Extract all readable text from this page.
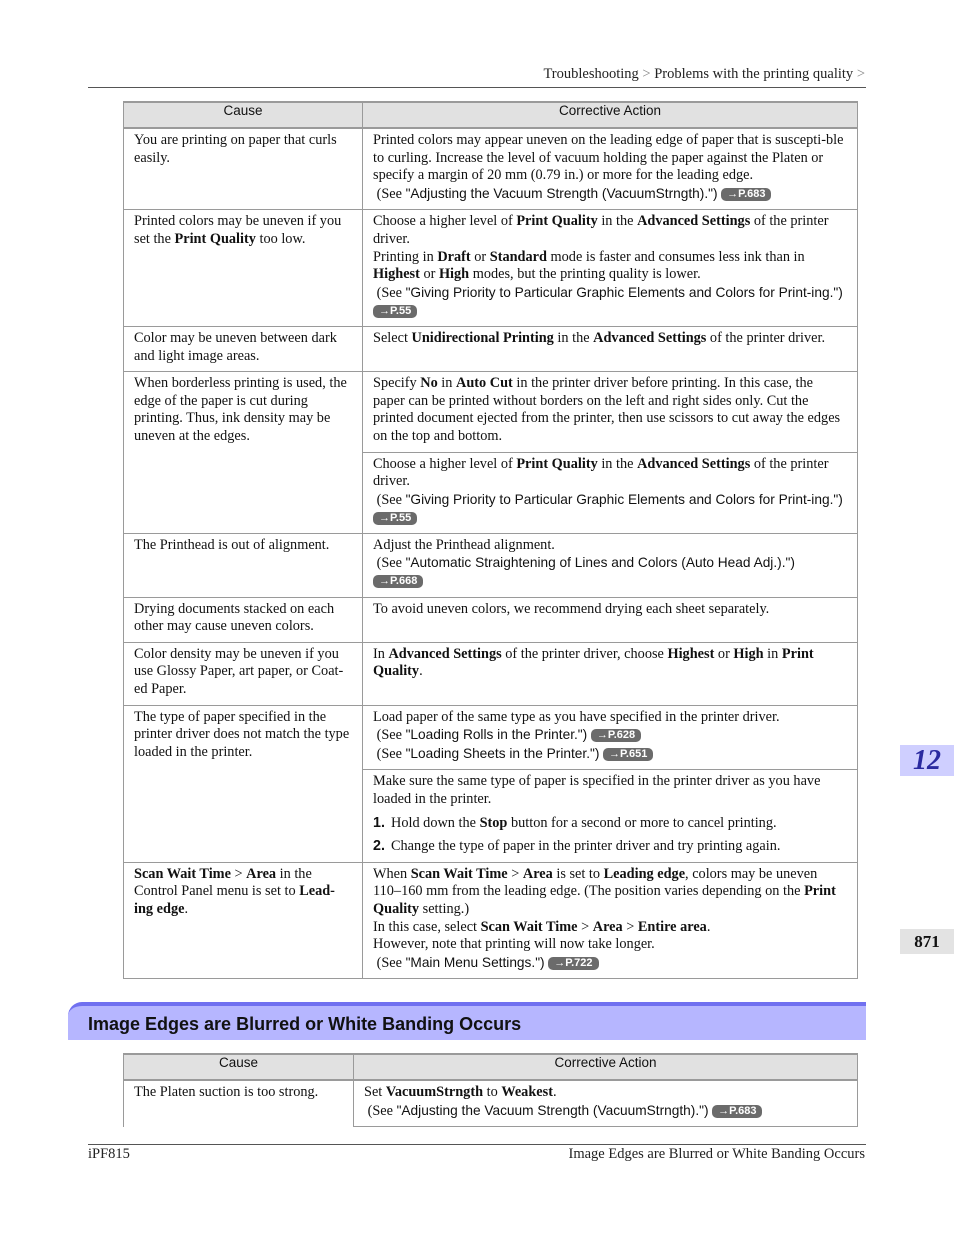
Troubleshooting > Problems with the printing quality >
Cause	Corrective Action
You are printing on paper that curls easily.	Printed colors may appear uneven on the leading edge of paper that is suscepti-ble to curling. Increase the level of vacuum holding the paper against the Platen or specify a margin of 20 mm (0.79 in.) or more for the leading edge.
(See "Adjusting the Vacuum Strength (VacuumStrngth).") →P.683
Printed colors may be uneven if you set the Print Quality too low.	Choose a higher level of Print Quality in the Advanced Settings of the printer driver.
Printing in Draft or Standard mode is faster and consumes less ink than in Highest or High modes, but the printing quality is lower.
(See "Giving Priority to Particular Graphic Elements and Colors for Print-ing.") →P.55
Color may be uneven between dark and light image areas.	Select Unidirectional Printing in the Advanced Settings of the printer driver.
When borderless printing is used, the edge of the paper is cut during printing. Thus, ink density may be uneven at the edges.	Specify No in Auto Cut in the printer driver before printing. In this case, the paper can be printed without borders on the left and right sides only. Cut the printed document ejected from the printer, then use scissors to cut away the edges on the top and bottom.
	Choose a higher level of Print Quality in the Advanced Settings of the printer driver.
(See "Giving Priority to Particular Graphic Elements and Colors for Print-ing.") →P.55
The Printhead is out of alignment.	Adjust the Printhead alignment.
(See "Automatic Straightening of Lines and Colors (Auto Head Adj.).")
→P.668
Drying documents stacked on each other may cause uneven colors.	To avoid uneven colors, we recommend drying each sheet separately.
Color density may be uneven if you use Glossy Paper, art paper, or Coat-ed Paper.	In Advanced Settings of the printer driver, choose Highest or High in Print Quality.
The type of paper specified in the printer driver does not match the type loaded in the printer.	Load paper of the same type as you have specified in the printer driver.
(See "Loading Rolls in the Printer.") →P.628
(See "Loading Sheets in the Printer.") →P.651
	Make sure the same type of paper is specified in the printer driver as you have loaded in the printer.
1. Hold down the Stop button for a second or more to cancel printing.
2. Change the type of paper in the printer driver and try printing again.

Scan Wait Time > Area in the Control Panel menu is set to Lead-ing edge.	When Scan Wait Time > Area is set to Leading edge, colors may be uneven 110–160 mm from the leading edge. (The position varies depending on the Print Quality setting.)
In this case, select Scan Wait Time > Area > Entire area.
However, note that printing will now take longer.
(See "Main Menu Settings.") →P.722
12
871
Image Edges are Blurred or White Banding Occurs
Cause	Corrective Action
The Platen suction is too strong.	Set VacuumStrngth to Weakest.
(See "Adjusting the Vacuum Strength (VacuumStrngth).") →P.683
iPF815	Image Edges are Blurred or White Banding Occurs
